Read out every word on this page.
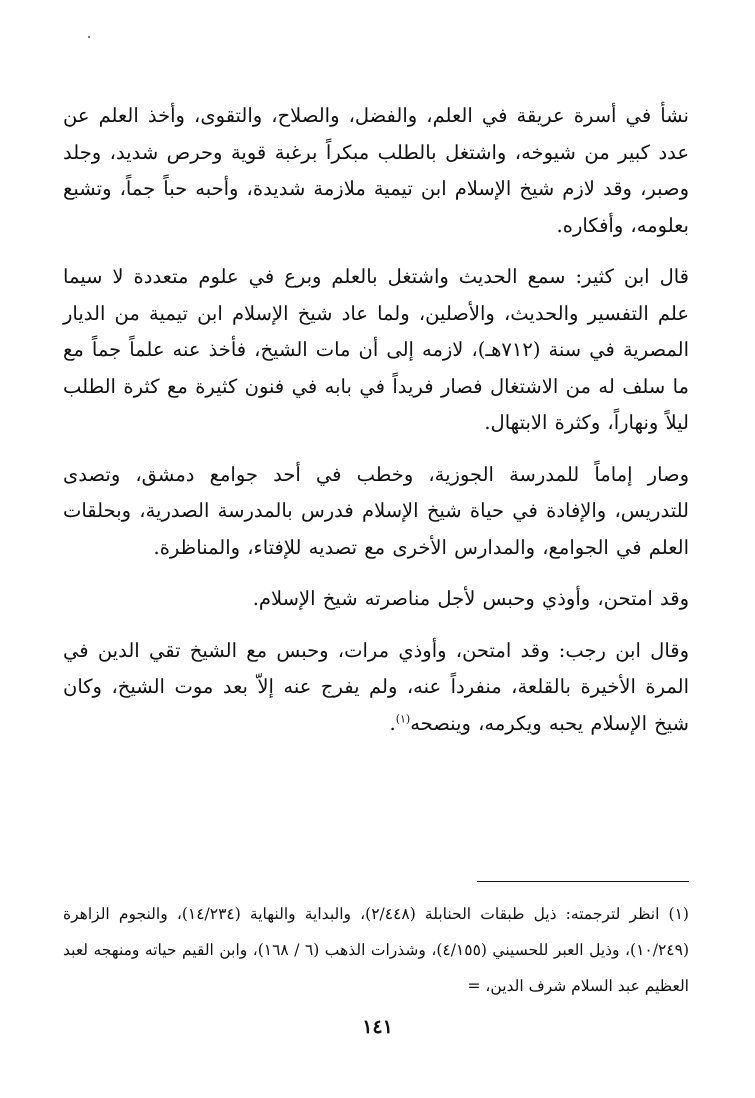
نشأ في أسرة عريقة في العلم، والفضل، والصلاح، والتقوى، وأخذ العلم عن عدد كبير من شيوخه، واشتغل بالطلب مبكراً برغبة قوية وحرص شديد، وجلد وصبر، وقد لازم شيخ الإسلام ابن تيمية ملازمة شديدة، وأحبه حباً جماً، وتشبع بعلومه، وأفكاره.

قال ابن كثير: سمع الحديث واشتغل بالعلم وبرع في علوم متعددة لا سيما علم التفسير والحديث، والأصلين، ولما عاد شيخ الإسلام ابن تيمية من الديار المصرية في سنة (٧١٢هـ)، لازمه إلى أن مات الشيخ، فأخذ عنه علماً جماً مع ما سلف له من الاشتغال فصار فريداً في بابه في فنون كثيرة مع كثرة الطلب ليلاً ونهاراً، وكثرة الابتهال.

وصار إماماً للمدرسة الجوزية، وخطب في أحد جوامع دمشق، وتصدى للتدريس، والإفادة في حياة شيخ الإسلام فدرس بالمدرسة الصدرية، وبحلقات العلم في الجوامع، والمدارس الأخرى مع تصديه للإفتاء، والمناظرة.

وقد امتحن، وأوذي وحبس لأجل مناصرته شيخ الإسلام.

وقال ابن رجب: وقد امتحن، وأوذي مرات، وحبس مع الشيخ تقي الدين في المرة الأخيرة بالقلعة، منفرداً عنه، ولم يفرج عنه إلاّ بعد موت الشيخ، وكان شيخ الإسلام يحبه ويكرمه، وينصحه$^{(١)}$.

(١) انظر لترجمته: ذيل طبقات الحنابلة (٢/٤٤٨)، والبداية والنهاية (١٤/٢٣٤)، والنجوم الزاهرة (١٠/٢٤٩)، وذيل العبر للحسيني (٤/١٥٥)، وشذرات الذهب (٦ / ١٦٨)، وابن القيم حياته ومنهجه لعبد العظيم عبد السلام شرف الدين، =

١٤١
